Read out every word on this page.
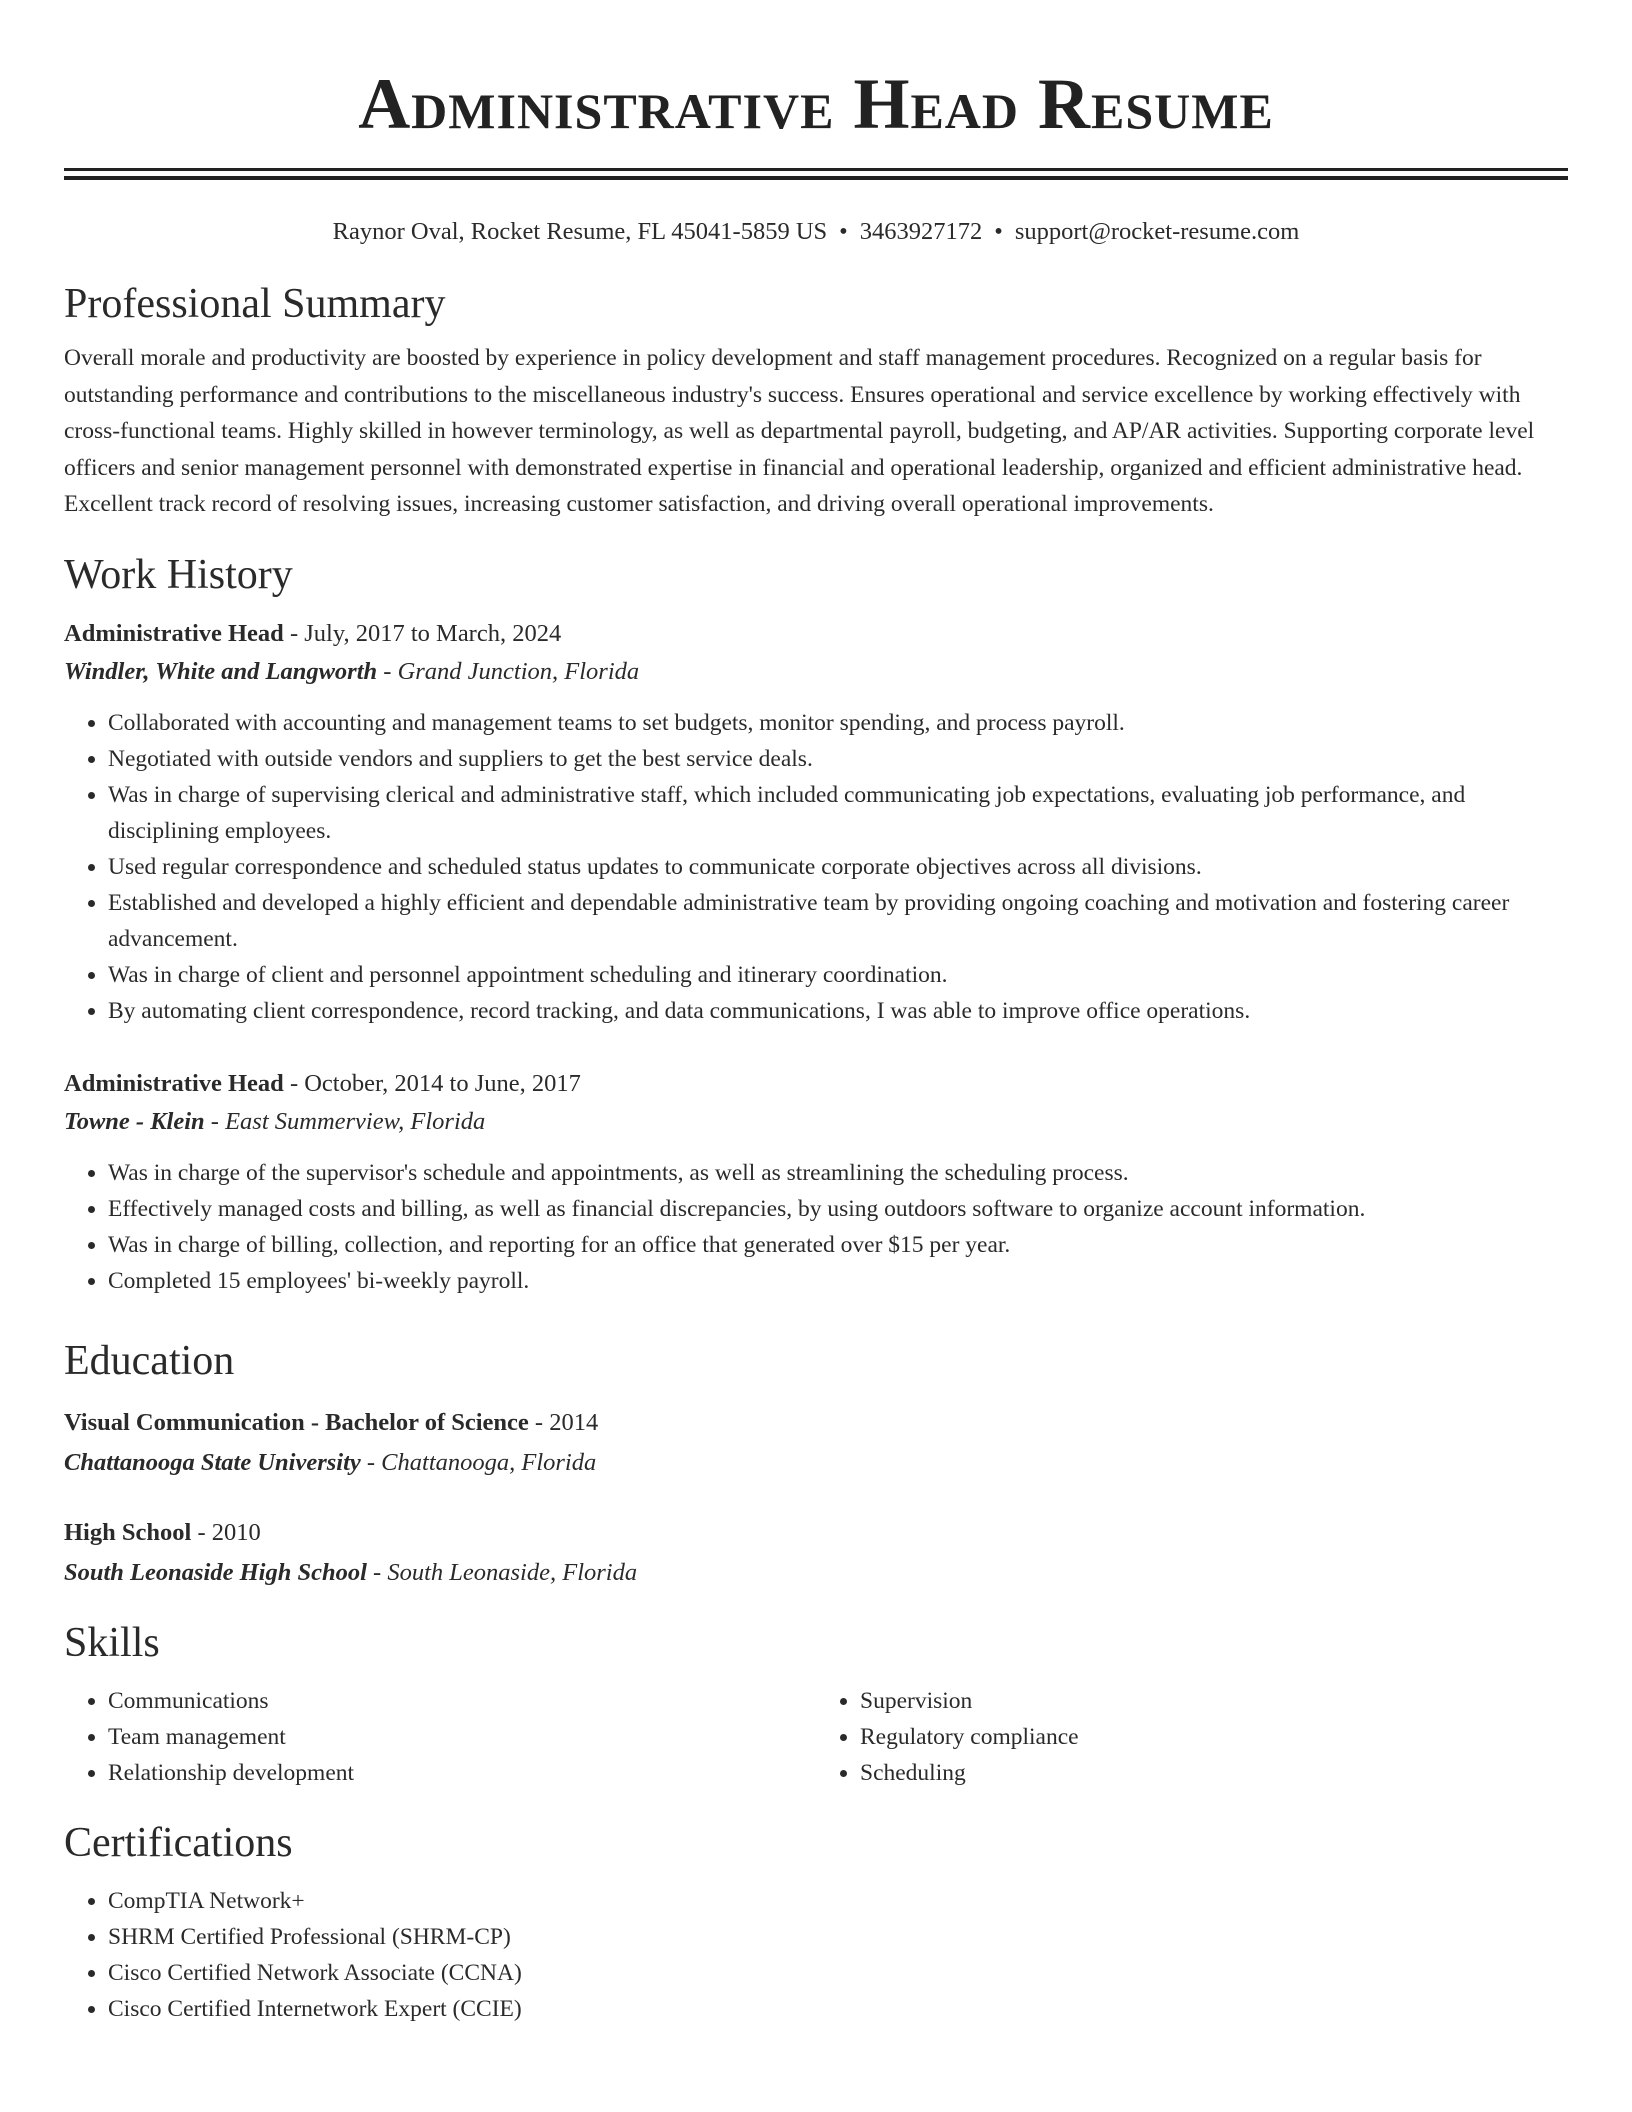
Administrative Head Resume
Raynor Oval, Rocket Resume, FL 45041-5859 US • 3463927172 • support@rocket-resume.com
Professional Summary

Overall morale and productivity are boosted by experience in policy development and staff management procedures. Recognized on a regular basis for outstanding performance and contributions to the miscellaneous industry's success. Ensures operational and service excellence by working effectively with cross-functional teams. Highly skilled in however terminology, as well as departmental payroll, budgeting, and AP/AR activities. Supporting corporate level officers and senior management personnel with demonstrated expertise in financial and operational leadership, organized and efficient administrative head. Excellent track record of resolving issues, increasing customer satisfaction, and driving overall operational improvements.

Work History
Administrative Head - July, 2017 to March, 2024
Windler, White and Langworth - Grand Junction, Florida
• Collaborated with accounting and management teams to set budgets, monitor spending, and process payroll.
• Negotiated with outside vendors and suppliers to get the best service deals.
• Was in charge of supervising clerical and administrative staff, which included communicating job expectations, evaluating job performance, and disciplining employees.
• Used regular correspondence and scheduled status updates to communicate corporate objectives across all divisions.
• Established and developed a highly efficient and dependable administrative team by providing ongoing coaching and motivation and fostering career advancement.
• Was in charge of client and personnel appointment scheduling and itinerary coordination.
• By automating client correspondence, record tracking, and data communications, I was able to improve office operations.
Administrative Head - October, 2014 to June, 2017
Towne - Klein - East Summerview, Florida
• Was in charge of the supervisor's schedule and appointments, as well as streamlining the scheduling process.
• Effectively managed costs and billing, as well as financial discrepancies, by using outdoors software to organize account information.
• Was in charge of billing, collection, and reporting for an office that generated over $15 per year.
• Completed 15 employees' bi-weekly payroll.
Education
Visual Communication - Bachelor of Science - 2014
Chattanooga State University - Chattanooga, Florida
High School - 2010
South Leonaside High School - South Leonaside, Florida
Skills
• Communications
• Team management
• Relationship development
• Supervision
• Regulatory compliance
• Scheduling
Certifications
• CompTIA Network+
• SHRM Certified Professional (SHRM-CP)
• Cisco Certified Network Associate (CCNA)
• Cisco Certified Internetwork Expert (CCIE)
